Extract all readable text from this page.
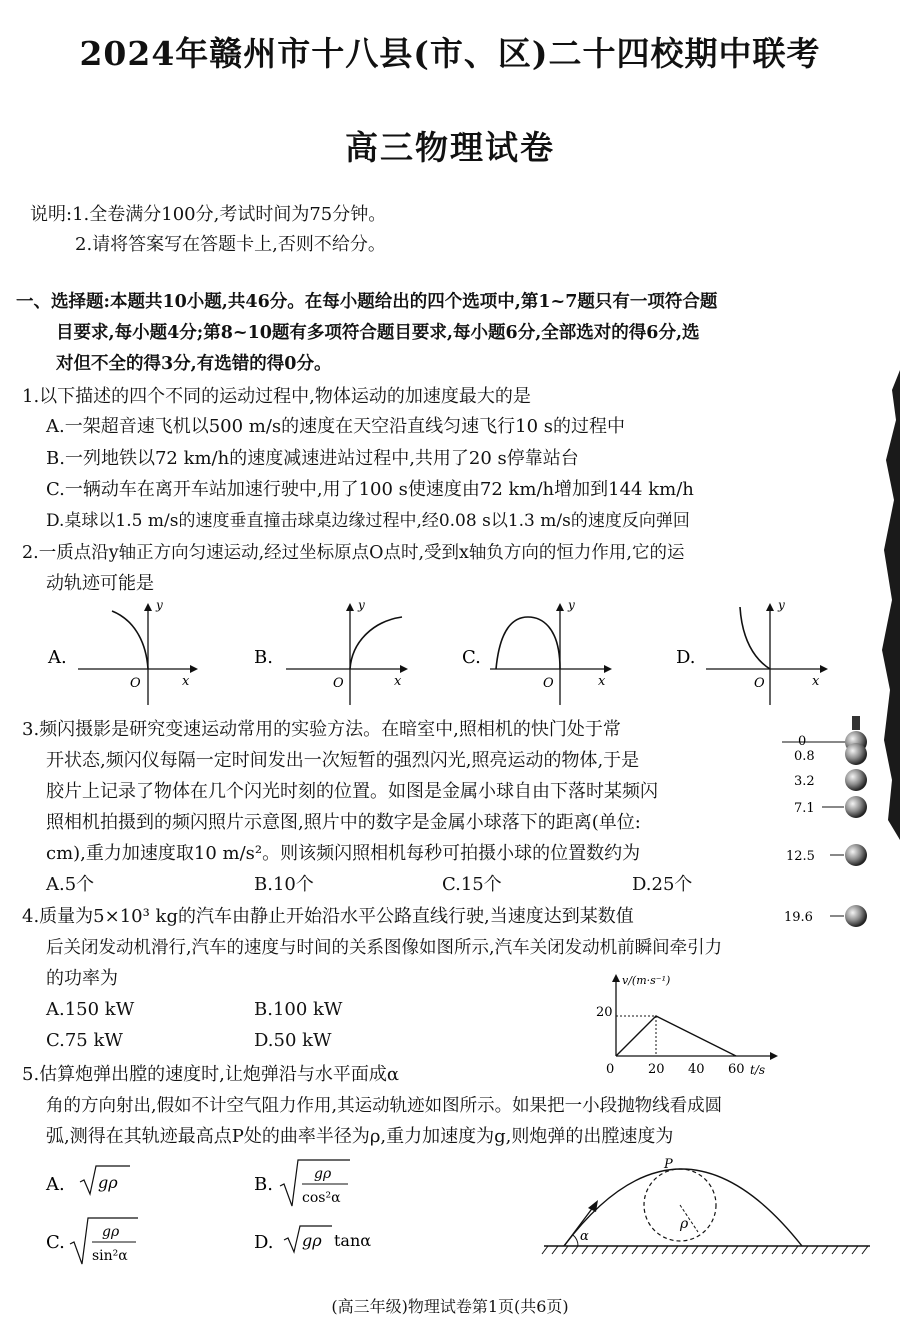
2024年赣州市十八县(市、区)二十四校期中联考
高三物理试卷
说明:1.全卷满分100分,考试时间为75分钟。
2.请将答案写在答题卡上,否则不给分。
一、选择题:本题共10小题,共46分。在每小题给出的四个选项中,第1~7题只有一项符合题
目要求,每小题4分;第8~10题有多项符合题目要求,每小题6分,全部选对的得6分,选
对但不全的得3分,有选错的得0分。
1.以下描述的四个不同的运动过程中,物体运动的加速度最大的是
A.一架超音速飞机以500 m/s的速度在天空沿直线匀速飞行10 s的过程中
B.一列地铁以72 km/h的速度减速进站过程中,共用了20 s停靠站台
C.一辆动车在离开车站加速行驶中,用了100 s使速度由72 km/h增加到144 km/h
D.桌球以1.5 m/s的速度垂直撞击球桌边缘过程中,经0.08 s以1.3 m/s的速度反向弹回
2.一质点沿y轴正方向匀速运动,经过坐标原点O点时,受到x轴负方向的恒力作用,它的运
动轨迹可能是
A.
y
x
O
B.
y
x
O
C.
y
x
O
D.
y
x
O
3.频闪摄影是研究变速运动常用的实验方法。在暗室中,照相机的快门处于常
开状态,频闪仪每隔一定时间发出一次短暂的强烈闪光,照亮运动的物体,于是
胶片上记录了物体在几个闪光时刻的位置。如图是金属小球自由下落时某频闪
照相机拍摄到的频闪照片示意图,照片中的数字是金属小球落下的距离(单位:
cm),重力加速度取10 m/s²。则该频闪照相机每秒可拍摄小球的位置数约为
A.5个	B.10个	C.15个	D.25个
0
0.8
3.2
7.1
12.5
19.6
4.质量为5×10³ kg的汽车由静止开始沿水平公路直线行驶,当速度达到某数值
后关闭发动机滑行,汽车的速度与时间的关系图像如图所示,汽车关闭发动机前瞬间牵引力
的功率为
A.150 kW	B.100 kW
C.75 kW	D.50 kW
v/(m·s⁻¹)
t/s
20
0	20 40 60
5.估算炮弹出膛的速度时,让炮弹沿与水平面成α
角的方向射出,假如不计空气阻力作用,其运动轨迹如图所示。如果把一小段抛物线看成圆
弧,测得在其轨迹最高点P处的曲率半径为ρ,重力加速度为g,则炮弹的出膛速度为
A. gρ	B.	gρ
cos²α
C.	gρ
sin²α
D. gρ tanα	α
ρ
P
(高三年级)物理试卷第1页(共6页)
